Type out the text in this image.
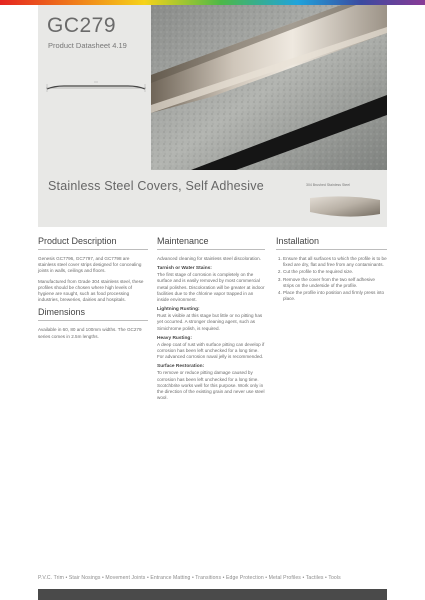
GC279
Product Datasheet 4.19
Stainless Steel Covers, Self Adhesive	304 Brushed Stainless Steel
Product Description

Genesis GC7796, GC7797, and GC7798 are stainless steel cover strips designed for concealing joints in walls, ceilings and floors.

Manufactured from Grade 304 stainless steel, these profiles should be chosen where high levels of hygiene are sought, such as food processing industries, breweries, dairies and hospitals.

Dimensions

Available in 60, 80 and 100mm widths. The GC279 series comes in 2.5m lengths.

Maintenance

Advanced cleaning for stainless steel discoloration.

Tarnish or Water Stains:

The first stage of corrosion is completely on the surface and is easily removed by most commercial metal polishes. Discoloration will be greater at indoor facilities due to the chlorine vapor trapped in an inside environment.

Lightning Rusting:

Rust is visible at this stage but little or no pitting has yet occurred. A stronger cleaning agent, such as Simichrome polish, is required.

Heavy Rusting:

A deep coat of rust with surface pitting can develop if corrosion has been left unchecked for a long time. For advanced corrosion naval jelly is recommended.

Surface Restoration:

To remove or reduce pitting damage caused by corrosion has been left unchecked for a long time. Scotchbrite works well for this purpose. Work only in the direction of the existing grain and never use steel wool.

Installation
1. Ensure that all surfaces to which the profile is to be fixed are dry, flat and free from any contaminants.
2. Cut the profile to the required size.
3. Remove the cover from the two self adhesive strips on the underside of the profile.
4. Place the profile into position and firmly press into place.
P.V.C. Trim • Stair Nosings • Movement Joints • Entrance Matting • Transitions • Edge Protection • Metal Profiles • Tactiles • Tools
